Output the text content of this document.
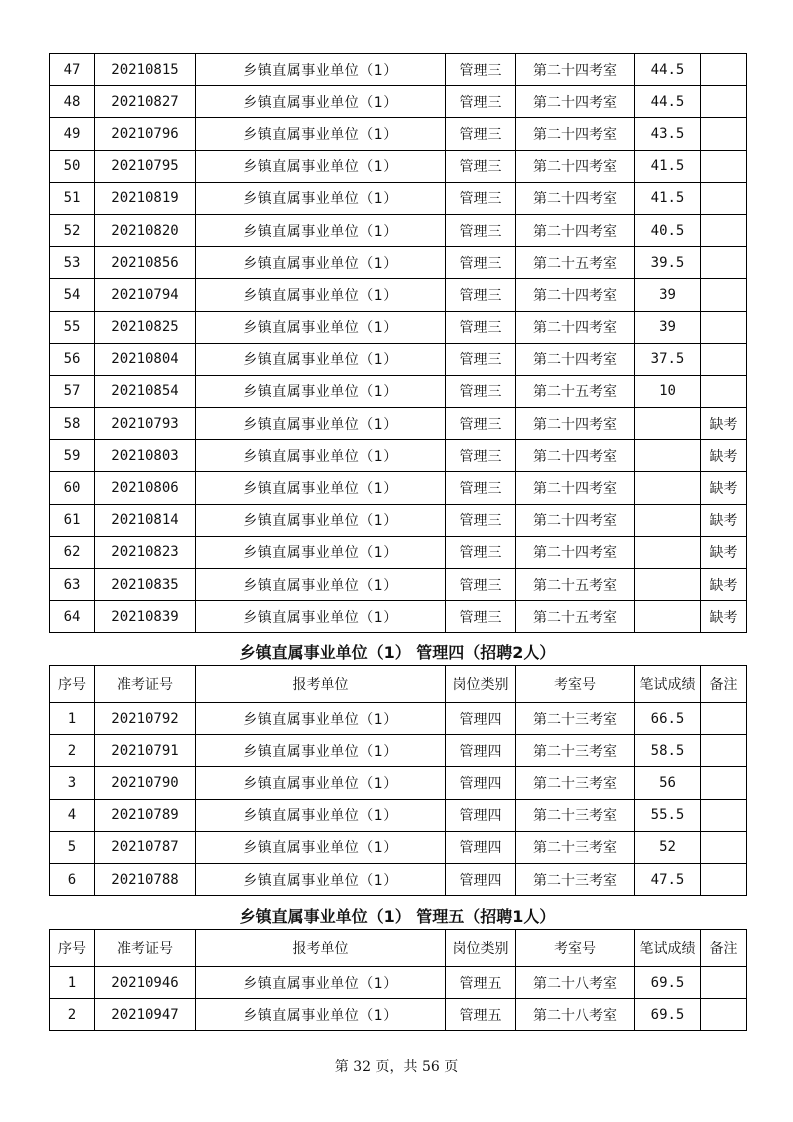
47	20210815	乡镇直属事业单位（1）	管理三	第二十四考室	44.5	
48	20210827	乡镇直属事业单位（1）	管理三	第二十四考室	44.5	
49	20210796	乡镇直属事业单位（1）	管理三	第二十四考室	43.5	
50	20210795	乡镇直属事业单位（1）	管理三	第二十四考室	41.5	
51	20210819	乡镇直属事业单位（1）	管理三	第二十四考室	41.5	
52	20210820	乡镇直属事业单位（1）	管理三	第二十四考室	40.5	
53	20210856	乡镇直属事业单位（1）	管理三	第二十五考室	39.5	
54	20210794	乡镇直属事业单位（1）	管理三	第二十四考室	39	
55	20210825	乡镇直属事业单位（1）	管理三	第二十四考室	39	
56	20210804	乡镇直属事业单位（1）	管理三	第二十四考室	37.5	
57	20210854	乡镇直属事业单位（1）	管理三	第二十五考室	10	
58	20210793	乡镇直属事业单位（1）	管理三	第二十四考室		缺考
59	20210803	乡镇直属事业单位（1）	管理三	第二十四考室		缺考
60	20210806	乡镇直属事业单位（1）	管理三	第二十四考室		缺考
61	20210814	乡镇直属事业单位（1）	管理三	第二十四考室		缺考
62	20210823	乡镇直属事业单位（1）	管理三	第二十四考室		缺考
63	20210835	乡镇直属事业单位（1）	管理三	第二十五考室		缺考
64	20210839	乡镇直属事业单位（1）	管理三	第二十五考室		缺考
乡镇直属事业单位（1） 管理四（招聘2人）
序号	准考证号	报考单位	岗位类别	考室号	笔试成绩	备注
1	20210792	乡镇直属事业单位（1）	管理四	第二十三考室	66.5	
2	20210791	乡镇直属事业单位（1）	管理四	第二十三考室	58.5	
3	20210790	乡镇直属事业单位（1）	管理四	第二十三考室	56	
4	20210789	乡镇直属事业单位（1）	管理四	第二十三考室	55.5	
5	20210787	乡镇直属事业单位（1）	管理四	第二十三考室	52	
6	20210788	乡镇直属事业单位（1）	管理四	第二十三考室	47.5	
乡镇直属事业单位（1） 管理五（招聘1人）
序号	准考证号	报考单位	岗位类别	考室号	笔试成绩	备注
1	20210946	乡镇直属事业单位（1）	管理五	第二十八考室	69.5	
2	20210947	乡镇直属事业单位（1）	管理五	第二十八考室	69.5	
第 32 页，共 56 页
